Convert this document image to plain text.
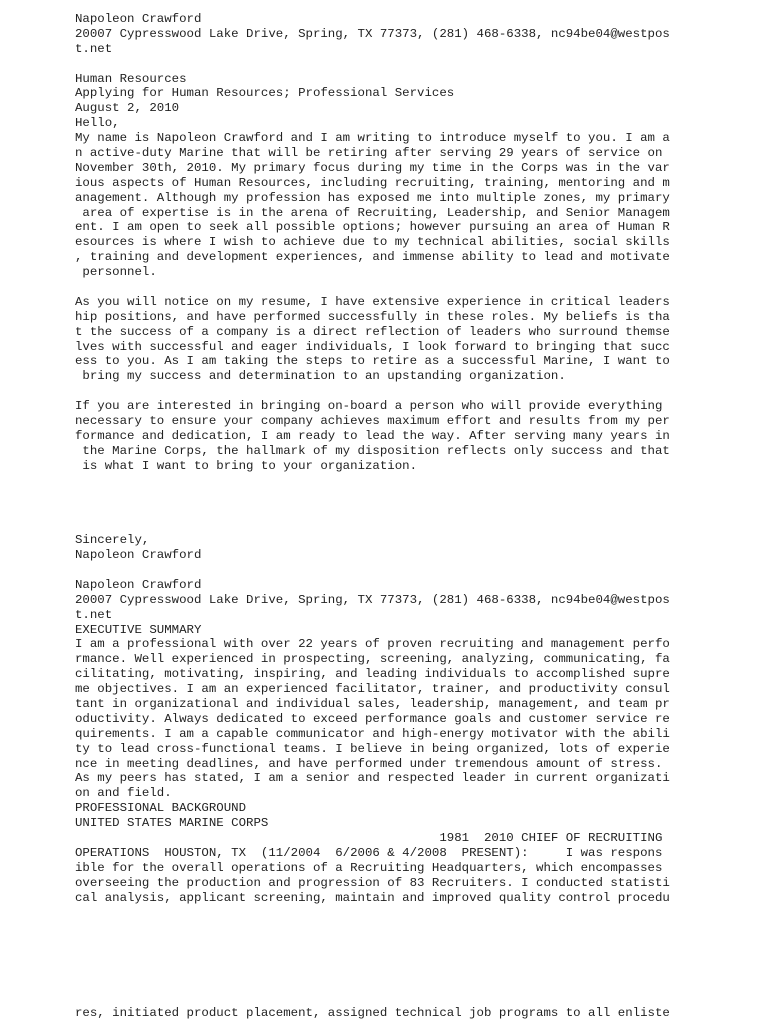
Napoleon Crawford
20007 Cypresswood Lake Drive, Spring, TX 77373, (281) 468-6338, nc94be04@westpos
t.net
Human Resources
Applying for Human Resources; Professional Services
August 2, 2010
Hello,
My name is Napoleon Crawford and I am writing to introduce myself to you. I am a
n active-duty Marine that will be retiring after serving 29 years of service on
November 30th, 2010. My primary focus during my time in the Corps was in the var
ious aspects of Human Resources, including recruiting, training, mentoring and m
anagement. Although my profession has exposed me into multiple zones, my primary
area of expertise is in the arena of Recruiting, Leadership, and Senior Managem
ent. I am open to seek all possible options; however pursuing an area of Human R
esources is where I wish to achieve due to my technical abilities, social skills
, training and development experiences, and immense ability to lead and motivate
personnel.
As you will notice on my resume, I have extensive experience in critical leaders
hip positions, and have performed successfully in these roles. My beliefs is tha
t the success of a company is a direct reflection of leaders who surround themse
lves with successful and eager individuals, I look forward to bringing that succ
ess to you. As I am taking the steps to retire as a successful Marine, I want to
bring my success and determination to an upstanding organization.
If you are interested in bringing on-board a person who will provide everything
necessary to ensure your company achieves maximum effort and results from my per
formance and dedication, I am ready to lead the way. After serving many years in
the Marine Corps, the hallmark of my disposition reflects only success and that
is what I want to bring to your organization.
Sincerely,
Napoleon Crawford
Napoleon Crawford
20007 Cypresswood Lake Drive, Spring, TX 77373, (281) 468-6338, nc94be04@westpos
t.net
EXECUTIVE SUMMARY
I am a professional with over 22 years of proven recruiting and management perfo
rmance. Well experienced in prospecting, screening, analyzing, communicating, fa
cilitating, motivating, inspiring, and leading individuals to accomplished supre
me objectives. I am an experienced facilitator, trainer, and productivity consul
tant in organizational and individual sales, leadership, management, and team pr
oductivity. Always dedicated to exceed performance goals and customer service re
quirements. I am a capable communicator and high-energy motivator with the abili
ty to lead cross-functional teams. I believe in being organized, lots of experie
nce in meeting deadlines, and have performed under tremendous amount of stress.
As my peers has stated, I am a senior and respected leader in current organizati
on and field.
PROFESSIONAL BACKGROUND
UNITED STATES MARINE CORPS
1981  2010 CHIEF OF RECRUITING
OPERATIONS  HOUSTON, TX  (11/2004  6/2006 & 4/2008  PRESENT):     I was respons
ible for the overall operations of a Recruiting Headquarters, which encompasses
overseeing the production and progression of 83 Recruiters. I conducted statisti
cal analysis, applicant screening, maintain and improved quality control procedu
res, initiated product placement, assigned technical job programs to all enliste
